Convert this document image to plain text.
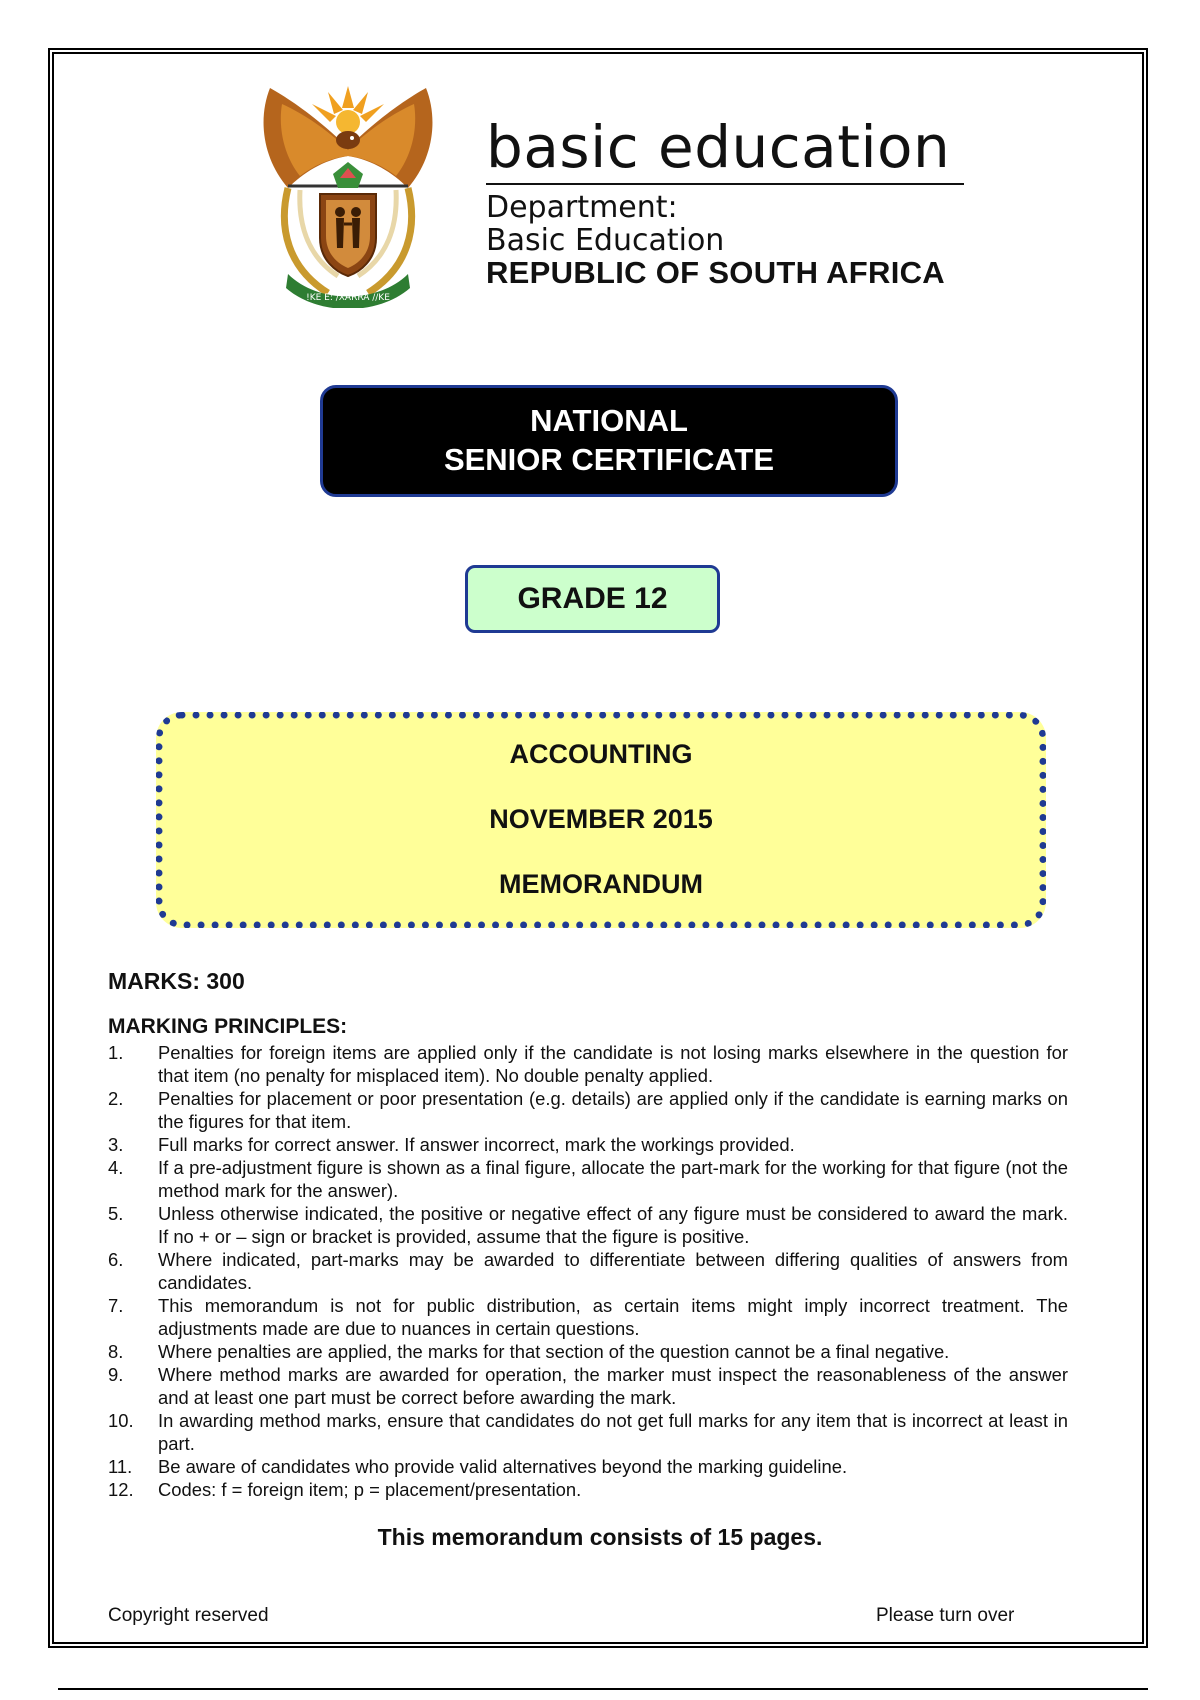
!KE E: /XARRA //KE
basic education
Department:
Basic Education
REPUBLIC OF SOUTH AFRICA
NATIONAL
SENIOR CERTIFICATE
GRADE 12
ACCOUNTING
NOVEMBER 2015
MEMORANDUM
MARKS: 300
MARKING PRINCIPLES:
1.	Penalties for foreign items are applied only if the candidate is not losing marks elsewhere in the question for that item (no penalty for misplaced item). No double penalty applied.
2.	Penalties for placement or poor presentation (e.g. details) are applied only if the candidate is earning marks on the figures for that item.
3.	Full marks for correct answer. If answer incorrect, mark the workings provided.
4.	If a pre-adjustment figure is shown as a final figure, allocate the part-mark for the working for that figure (not the method mark for the answer).
5.	Unless otherwise indicated, the positive or negative effect of any figure must be considered to award the mark. If no + or – sign or bracket is provided, assume that the figure is positive.
6.	Where indicated, part-marks may be awarded to differentiate between differing qualities of answers from candidates.
7.	This memorandum is not for public distribution, as certain items might imply incorrect treatment. The adjustments made are due to nuances in certain questions.
8.	Where penalties are applied, the marks for that section of the question cannot be a final negative.
9.	Where method marks are awarded for operation, the marker must inspect the reasonableness of the answer and at least one part must be correct before awarding the mark.
10.	In awarding method marks, ensure that candidates do not get full marks for any item that is incorrect at least in part.
11.	Be aware of candidates who provide valid alternatives beyond the marking guideline.
12.	Codes: f = foreign item; p = placement/presentation.
This memorandum consists of 15 pages.
Copyright reserved	Please turn over
